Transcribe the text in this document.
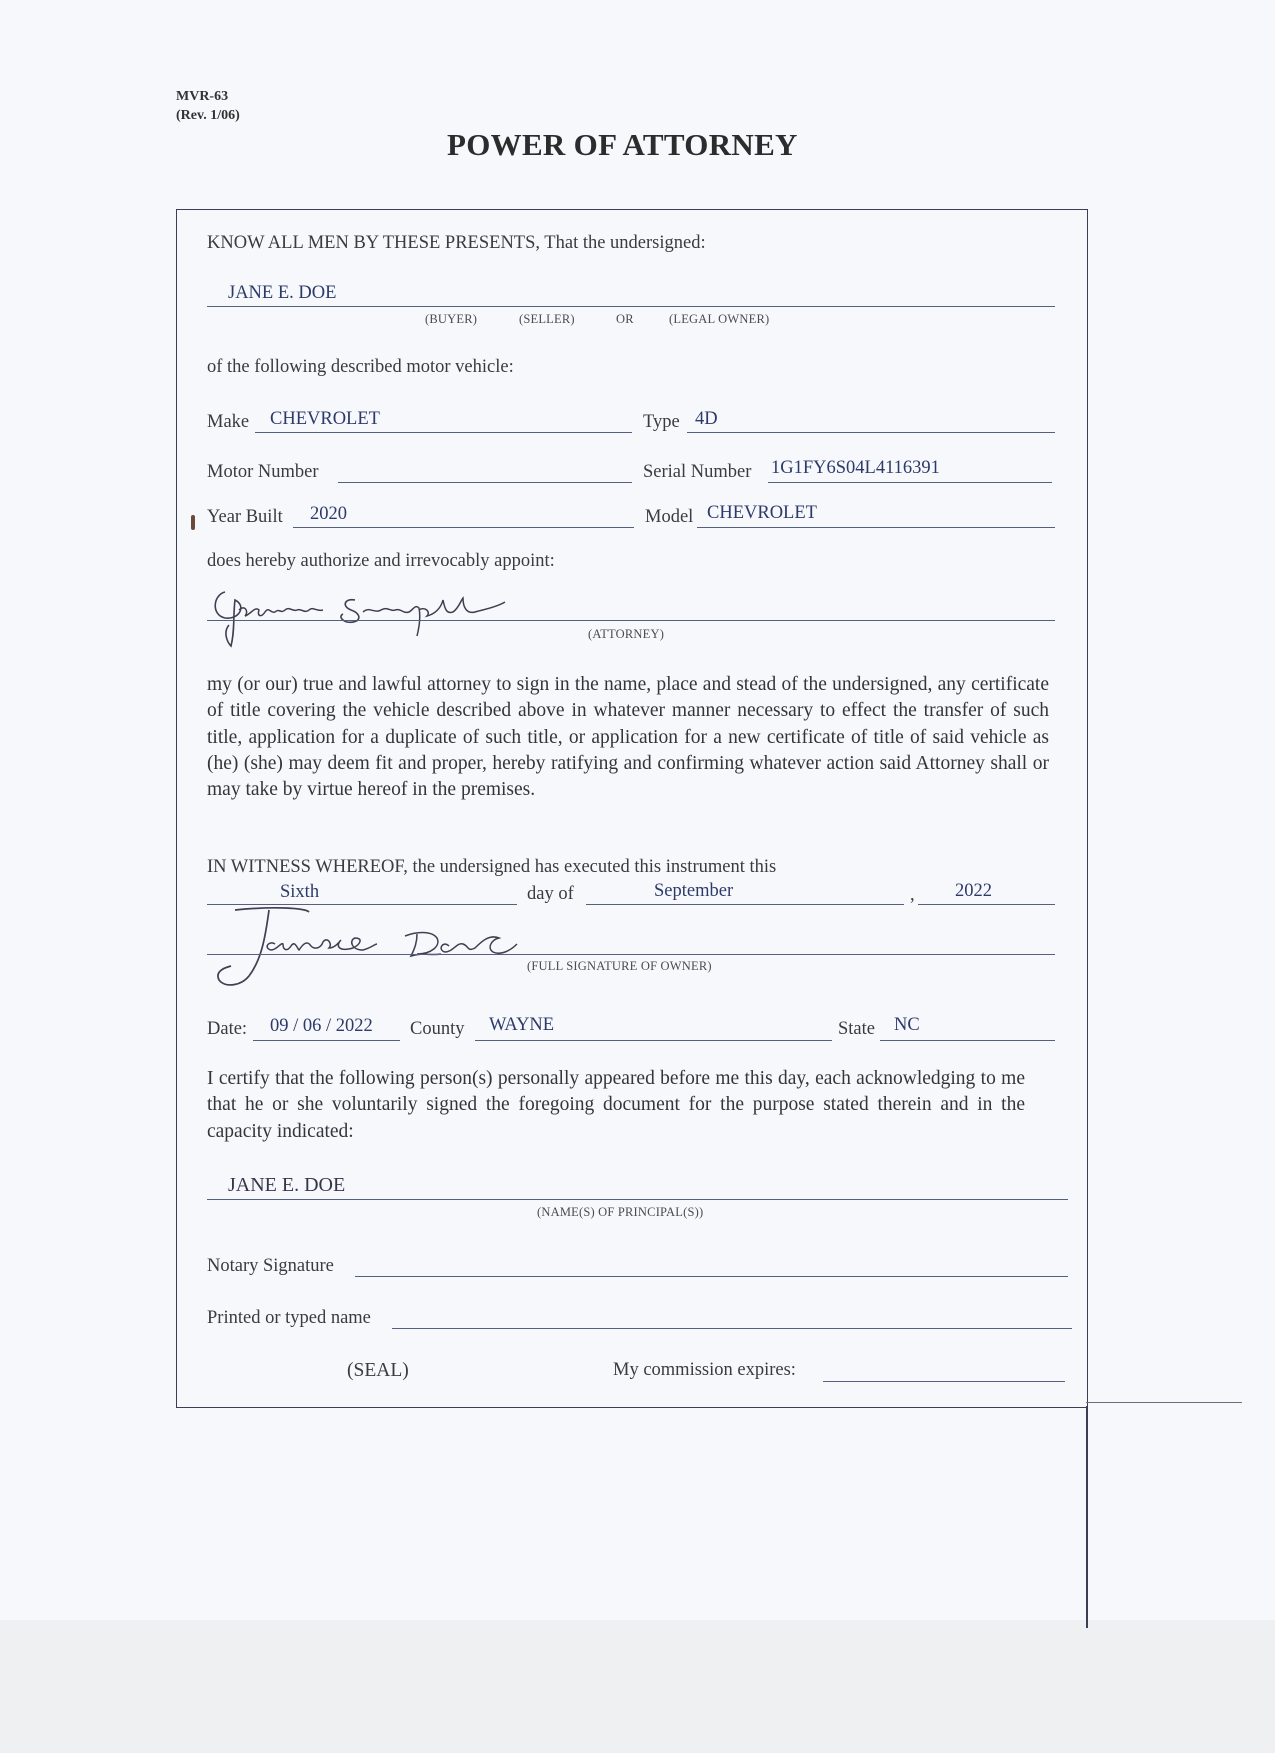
MVR-63
(Rev. 1/06)
POWER OF ATTORNEY
KNOW ALL MEN BY THESE PRESENTS, That the undersigned:
JANE E. DOE
(BUYER)	(SELLER)	OR	(LEGAL OWNER)
of the following described motor vehicle:
Make CHEVROLET	Type 4D
Motor Number	Serial Number 1G1FY6S04L4116391
Year Built 2020	Model CHEVROLET
does hereby authorize and irrevocably appoint:
(ATTORNEY)
my (or our) true and lawful attorney to sign in the name, place and stead of the undersigned, any certificate of title covering the vehicle described above in whatever manner necessary to effect the transfer of such title, application for a duplicate of such title, or application for a new certificate of title of said vehicle as (he) (she) may deem fit and proper, hereby ratifying and confirming whatever action said Attorney shall or may take by virtue hereof in the premises.
IN WITNESS WHEREOF, the undersigned has executed this instrument this
Sixth	day of	September	, 2022
(FULL SIGNATURE OF OWNER)
Date: 09 / 06 / 2022 County WAYNE	State NC
I certify that the following person(s) personally appeared before me this day, each acknowledging to me that he or she voluntarily signed the foregoing document for the purpose stated therein and in the capacity indicated:
JANE E. DOE
(NAME(S) OF PRINCIPAL(S))
Notary Signature
Printed or typed name
(SEAL)	My commission expires:
